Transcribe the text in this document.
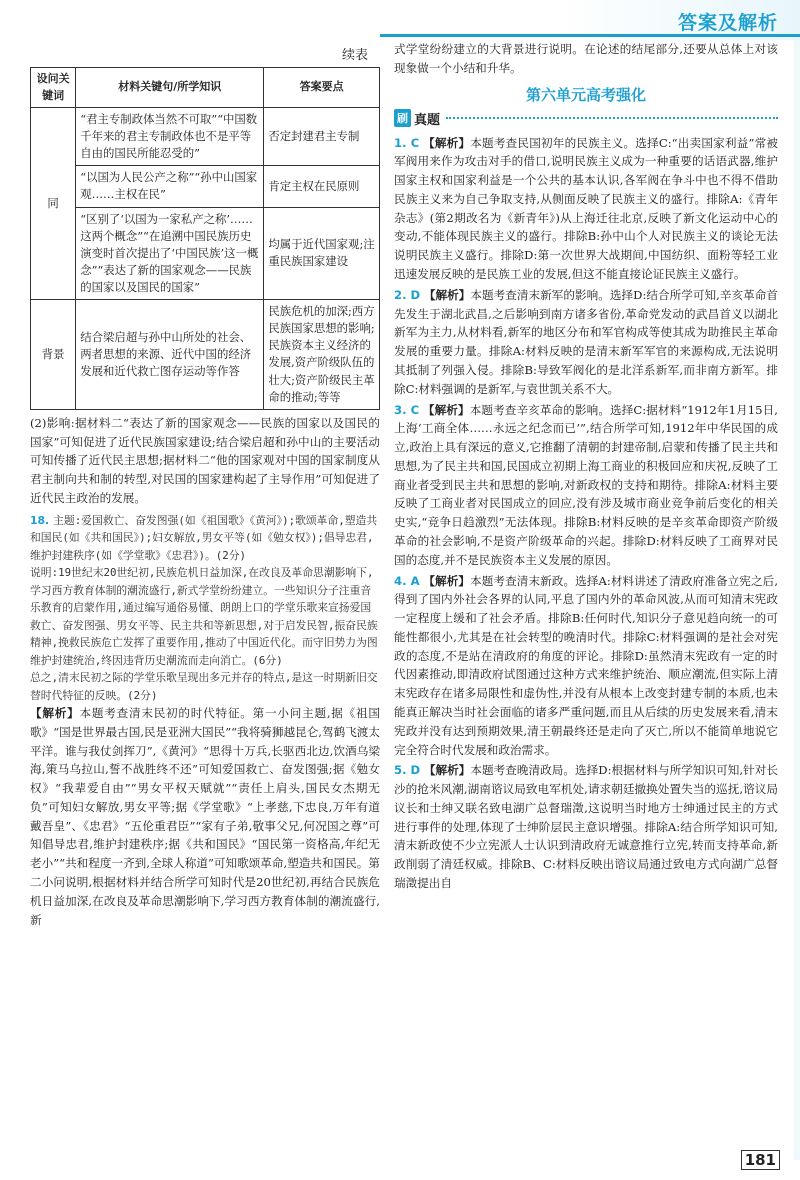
答案及解析
续表
设问关键词	材料关键句/所学知识	答案要点
同	“君主专制政体当然不可取”“中国数千年来的君主专制政体也不是平等自由的国民所能忍受的”	否定封建君主专制
	“以国为人民公产之称”“孙中山国家观……主权在民”	肯定主权在民原则
	“区别了‘以国为一家私产之称’……这两个概念”“在追溯中国民族历史演变时首次提出了‘中国民族’这一概念”“表达了新的国家观念——民族的国家以及国民的国家”	均属于近代国家观;注重民族国家建设
背景	结合梁启超与孙中山所处的社会、两者思想的来源、近代中国的经济发展和近代救亡图存运动等作答	民族危机的加深;西方民族国家思想的影响;民族资本主义经济的发展,资产阶级队伍的壮大;资产阶级民主革命的推动;等等

(2)影响:据材料二“表达了新的国家观念——民族的国家以及国民的国家”可知促进了近代民族国家建设;结合梁启超和孙中山的主要活动可知传播了近代民主思想;据材料二“他的国家观对中国的国家制度从君主制向共和制的转型,对民国的国家建构起了主导作用”可知促进了近代民主政治的发展。

18. 主题:爱国救亡、奋发图强(如《祖国歌》《黄河》);歌颂革命,塑造共和国民(如《共和国民》);妇女解放,男女平等(如《勉女权》);倡导忠君,维护封建秩序(如《学堂歌》《忠君》)。(2分)

说明:19世纪末20世纪初,民族危机日益加深,在改良及革命思潮影响下,学习西方教育体制的潮流盛行,新式学堂纷纷建立。一些知识分子注重音乐教育的启蒙作用,通过编写通俗易懂、朗朗上口的学堂乐歌来宣扬爱国救亡、奋发图强、男女平等、民主共和等新思想,对于启发民智,振奋民族精神,挽救民族危亡发挥了重要作用,推动了中国近代化。而守旧势力为图维护封建统治,终因违背历史潮流而走向消亡。(6分)

总之,清末民初之际的学堂乐歌呈现出多元并存的特点,是这一时期新旧交替时代特征的反映。(2分)

【解析】本题考查清末民初的时代特征。第一小问主题,据《祖国歌》“国是世界最古国,民是亚洲大国民”“我将骑狮越昆仑,驾鹤飞渡太平洋。谁与我仗剑挥刀”,《黄河》“思得十万兵,长驱西北边,饮酒乌梁海,策马乌拉山,誓不战胜终不还”可知爱国救亡、奋发图强;据《勉女权》“我辈爱自由”“男女平权天赋就”“责任上肩头,国民女杰期无负”可知妇女解放,男女平等;据《学堂歌》“上孝慈,下忠良,万年有道戴吾皇”、《忠君》“五伦重君臣”“家有子弟,敬事父兄,何况国之尊”可知倡导忠君,维护封建秩序;据《共和国民》“国民第一资格高,年纪无老小”“共和程度一齐到,全球人称道”可知歌颂革命,塑造共和国民。第二小问说明,根据材料并结合所学可知时代是20世纪初,再结合民族危机日益加深,在改良及革命思潮影响下,学习西方教育体制的潮流盛行,新

式学堂纷纷建立的大背景进行说明。在论述的结尾部分,还要从总体上对该现象做一个小结和升华。

第六单元高考强化
刷 真题

1. C 【解析】本题考查民国初年的民族主义。选择C:“出卖国家利益”常被军阀用来作为攻击对手的借口,说明民族主义成为一种重要的话语武器,维护国家主权和国家利益是一个公共的基本认识,各军阀在争斗中也不得不借助民族主义来为自己争取支持,从侧面反映了民族主义的盛行。排除A:《青年杂志》(第2期改名为《新青年》)从上海迁往北京,反映了新文化运动中心的变动,不能体现民族主义的盛行。排除B:孙中山个人对民族主义的谈论无法说明民族主义盛行。排除D:第一次世界大战期间,中国纺织、面粉等轻工业迅速发展反映的是民族工业的发展,但这不能直接论证民族主义盛行。

2. D 【解析】本题考查清末新军的影响。选择D:结合所学可知,辛亥革命首先发生于湖北武昌,之后影响到南方诸多省份,革命党发动的武昌首义以湖北新军为主力,从材料看,新军的地区分布和军官构成等使其成为助推民主革命发展的重要力量。排除A:材料反映的是清末新军军官的来源构成,无法说明其抵制了列强入侵。排除B:导致军阀化的是北洋系新军,而非南方新军。排除C:材料强调的是新军,与袁世凯关系不大。

3. C 【解析】本题考查辛亥革命的影响。选择C:据材料“1912年1月15日,上海‘工商全体……永远之纪念而已’”,结合所学可知,1912年中华民国的成立,政治上具有深远的意义,它推翻了清朝的封建帝制,启蒙和传播了民主共和思想,为了民主共和国,民国成立初期上海工商业的积极回应和庆祝,反映了工商业者受到民主共和思想的影响,对新政权的支持和期待。排除A:材料主要反映了工商业者对民国成立的回应,没有涉及城市商业竞争前后变化的相关史实,“竞争日趋激烈”无法体现。排除B:材料反映的是辛亥革命即资产阶级革命的社会影响,不是资产阶级革命的兴起。排除D:材料反映了工商界对民国的态度,并不是民族资本主义发展的原因。

4. A 【解析】本题考查清末新政。选择A:材料讲述了清政府准备立宪之后,得到了国内外社会各界的认同,平息了国内外的革命风波,从而可知清末宪政一定程度上缓和了社会矛盾。排除B:任何时代,知识分子意见趋向统一的可能性都很小,尤其是在社会转型的晚清时代。排除C:材料强调的是社会对宪政的态度,不是站在清政府的角度的评论。排除D:虽然清末宪政有一定的时代因素推动,即清政府试图通过这种方式来维护统治、顺应潮流,但实际上清末宪政存在诸多局限性和虚伪性,并没有从根本上改变封建专制的本质,也未能真正解决当时社会面临的诸多严重问题,而且从后续的历史发展来看,清末宪政并没有达到预期效果,清王朝最终还是走向了灭亡,所以不能简单地说它完全符合时代发展和政治需求。

5. D 【解析】本题考查晚清政局。选择D:根据材料与所学知识可知,针对长沙的抢米风潮,湖南谘议局致电军机处,请求朝廷撤换处置失当的巡抚,谘议局议长和士绅又联名致电湖广总督瑞澂,这说明当时地方士绅通过民主的方式进行事件的处理,体现了士绅阶层民主意识增强。排除A:结合所学知识可知,清末新政使不少立宪派人士认识到清政府无诚意推行立宪,转而支持革命,新政削弱了清廷权威。排除B、C:材料反映出谘议局通过致电方式向湖广总督瑞澂提出自

181
